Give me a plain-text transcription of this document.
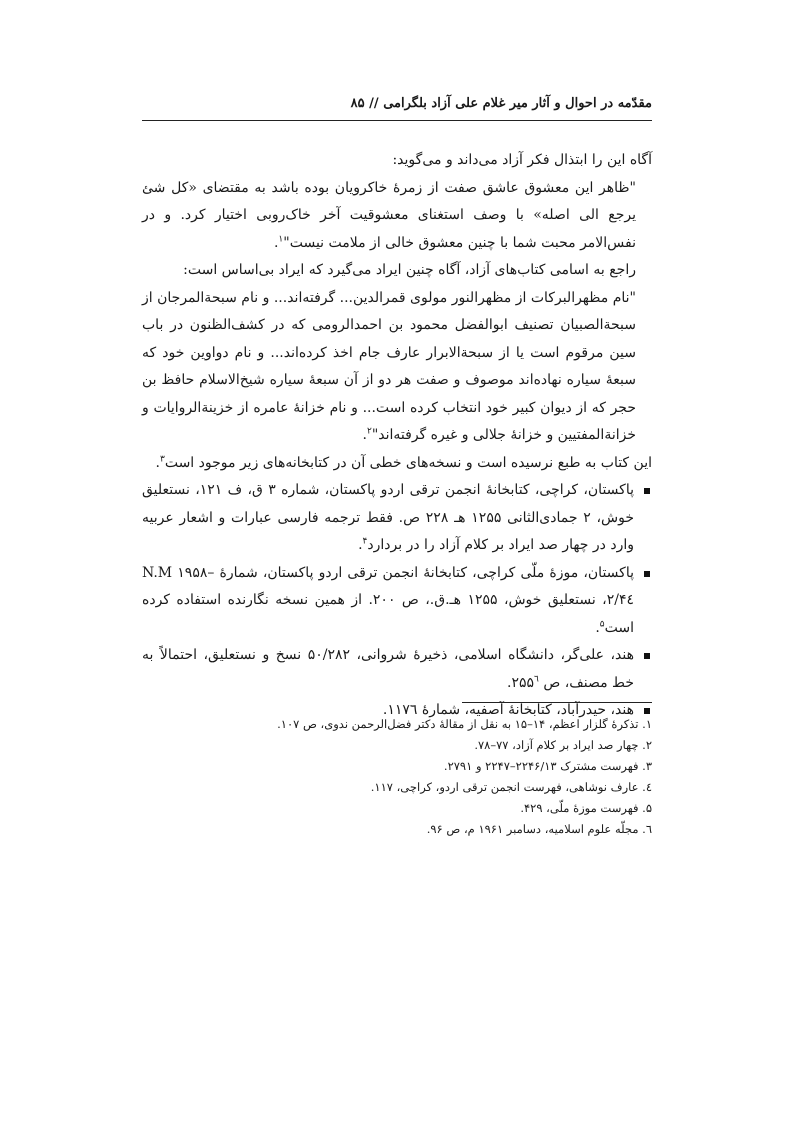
مقدّمه در احوال و آثار میر غلام علی آزاد بلگرامی // ۸۵

آگاه این را ابتذال فکر آزاد می‌داند و می‌گوید:

"ظاهر این معشوق عاشق صفت از زمرهٔ خاکرویان بوده باشد به مقتضای «کل شئ یرجع الی اصله» با وصف استغنای معشوقیت آخر خاک‌روبی اختیار کرد. و در نفس‌الامر محبت شما با چنین معشوق خالی از ملامت نیست"$^۱$.

راجع به اسامی کتاب‌های آزاد، آگاه چنین ایراد می‌گیرد که ایراد بی‌اساس است:

"نام مظهرالبرکات از مظهرالنور مولوی قمرالدین... گرفته‌اند... و نام سبحةالمرجان از سبحةالصبیان تصنیف ابوالفضل محمود بن احمدالرومی که در کشف‌الظنون در باب سین مرقوم است یا از سبحةالابرار عارف جام اخذ کرده‌اند... و نام دواوین خود که سبعهٔ سیاره نهاده‌اند موصوف و صفت هر دو از آن سبعهٔ سیاره شیخ‌الاسلام حافظ بن حجر که از دیوان کبیر خود انتخاب کرده است... و نام خزانهٔ عامره از خزینةالروایات و خزانةالمفتیین و خزانهٔ جلالی و غیره گرفته‌اند"$^۲$.

این کتاب به طبع نرسیده است و نسخه‌های خطی آن در کتابخانه‌های زیر موجود است$^۳$.

پاکستان، کراچی، کتابخانهٔ انجمن ترقی اردو پاکستان، شماره ۳ ق، ف ۱۲۱، نستعلیق خوش، ۲ جمادی‌الثانی ۱۲۵۵ هـ ۲۲۸ ص. فقط ترجمه فارسی عبارات و اشعار عربیه وارد در چهار صد ایراد بر کلام آزاد را در بردارد$^۴$.
پاکستان، موزهٔ ملّی کراچی، کتابخانهٔ انجمن ترقی اردو پاکستان، شمارهٔ N.M ۱۹۵۸–۴٤/۲، نستعلیق خوش، ۱۲۵۵ هـ.ق.، ص ۲۰۰. از همین نسخه نگارنده استفاده کرده است$^۵$.
هند، علی‌گر، دانشگاه اسلامی، ذخیرهٔ شروانی، ۵۰/۲۸۲ نسخ و نستعلیق، احتمالاً به خط مصنف، ص $۲۵۵^٦$.
هند، حیدرآباد، کتابخانهٔ آصفیه، شمارهٔ ۱۱۷٦.
۱. تذکرهٔ گلزار اعظم، ۱۴–۱۵ به نقل از مقالهٔ دکتر فضل‌الرحمن ندوی، ص ۱۰۷.
۲. چهار صد ایراد بر کلام آزاد، ۷۷–۷۸.
۳. فهرست مشترک ۲۲۴۶/۱۳–۲۲۴۷ و ۲۷۹۱.
٤. عارف نوشاهی، فهرست انجمن ترقی اردو، کراچی، ۱۱۷.
۵. فهرست موزهٔ ملّی، ۴۲۹.
٦. مجلّه علوم اسلامیه، دسامبر ۱۹۶۱ م، ص ۹۶.
